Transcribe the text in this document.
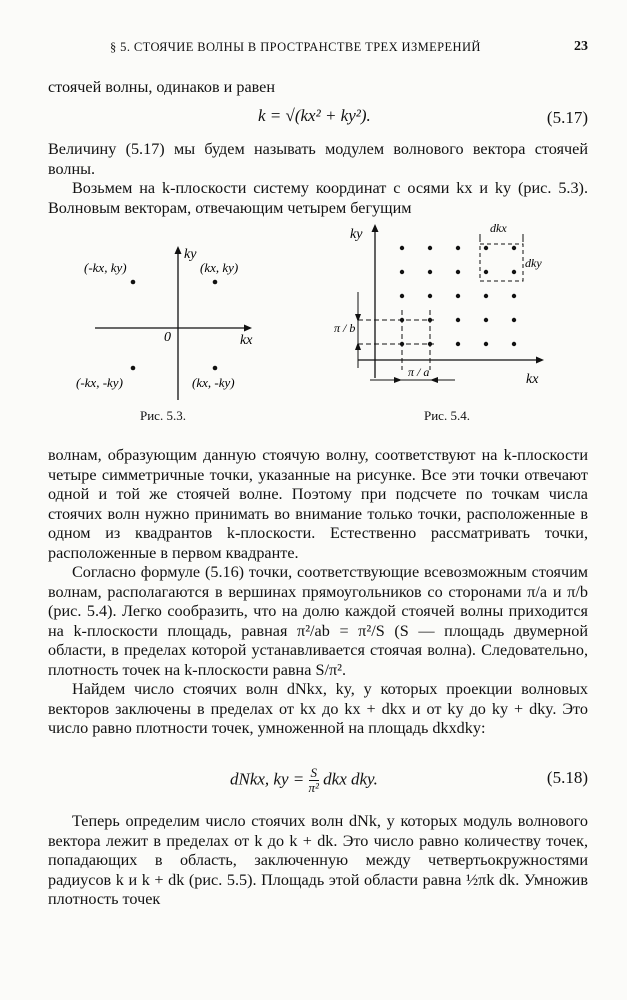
§ 5. СТОЯЧИЕ ВОЛНЫ В ПРОСТРАНСТВЕ ТРЕХ ИЗМЕРЕНИЙ	23

стоячей волны, одинаков и равен

k = √(kx² + ky²).	(5.17)

Величину (5.17) мы будем называть модулем волнового вектора стоячей волны.

Возьмем на k-плоскости систему координат с осями kx и ky (рис. 5.3). Волновым векторам, отвечающим четырем бегущим

ky
kx
0
(-kx, ky)	(kx, ky)
(-kx, -ky)	(kx, -ky)
Рис. 5.3.
ky
kx
dkx
dky
π / b
π / a
Рис. 5.4.

волнам, образующим данную стоячую волну, соответствуют на k-плоскости четыре симметричные точки, указанные на рисунке. Все эти точки отвечают одной и той же стоячей волне. Поэтому при подсчете по точкам числа стоячих волн нужно принимать во внимание только точки, расположенные в одном из квадрантов k-плоскости. Естественно рассматривать точки, расположенные в первом квадранте.

Согласно формуле (5.16) точки, соответствующие всевозможным стоячим волнам, располагаются в вершинах прямоугольников со сторонами π/a и π/b (рис. 5.4). Легко сообразить, что на долю каждой стоячей волны приходится на k-плоскости площадь, равная π²/ab = π²/S (S — площадь двумерной области, в пределах которой устанавливается стоячая волна). Следовательно, плотность точек на k-плоскости равна S/π².

Найдем число стоячих волн dNkx, ky, у которых проекции волновых векторов заключены в пределах от kx до kx + dkx и от ky до ky + dky. Это число равно плотности точек, умноженной на площадь dkxdky:

dNkx, ky = $\frac{S}{\text{π²}}$ dkx dky.	(5.18)

Теперь определим число стоячих волн dNk, у которых модуль волнового вектора лежит в пределах от k до k + dk. Это число равно количеству точек, попадающих в область, заключенную между четвертьокружностями радиусов k и k + dk (рис. 5.5). Площадь этой области равна ½πk dk. Умножив плотность точек
